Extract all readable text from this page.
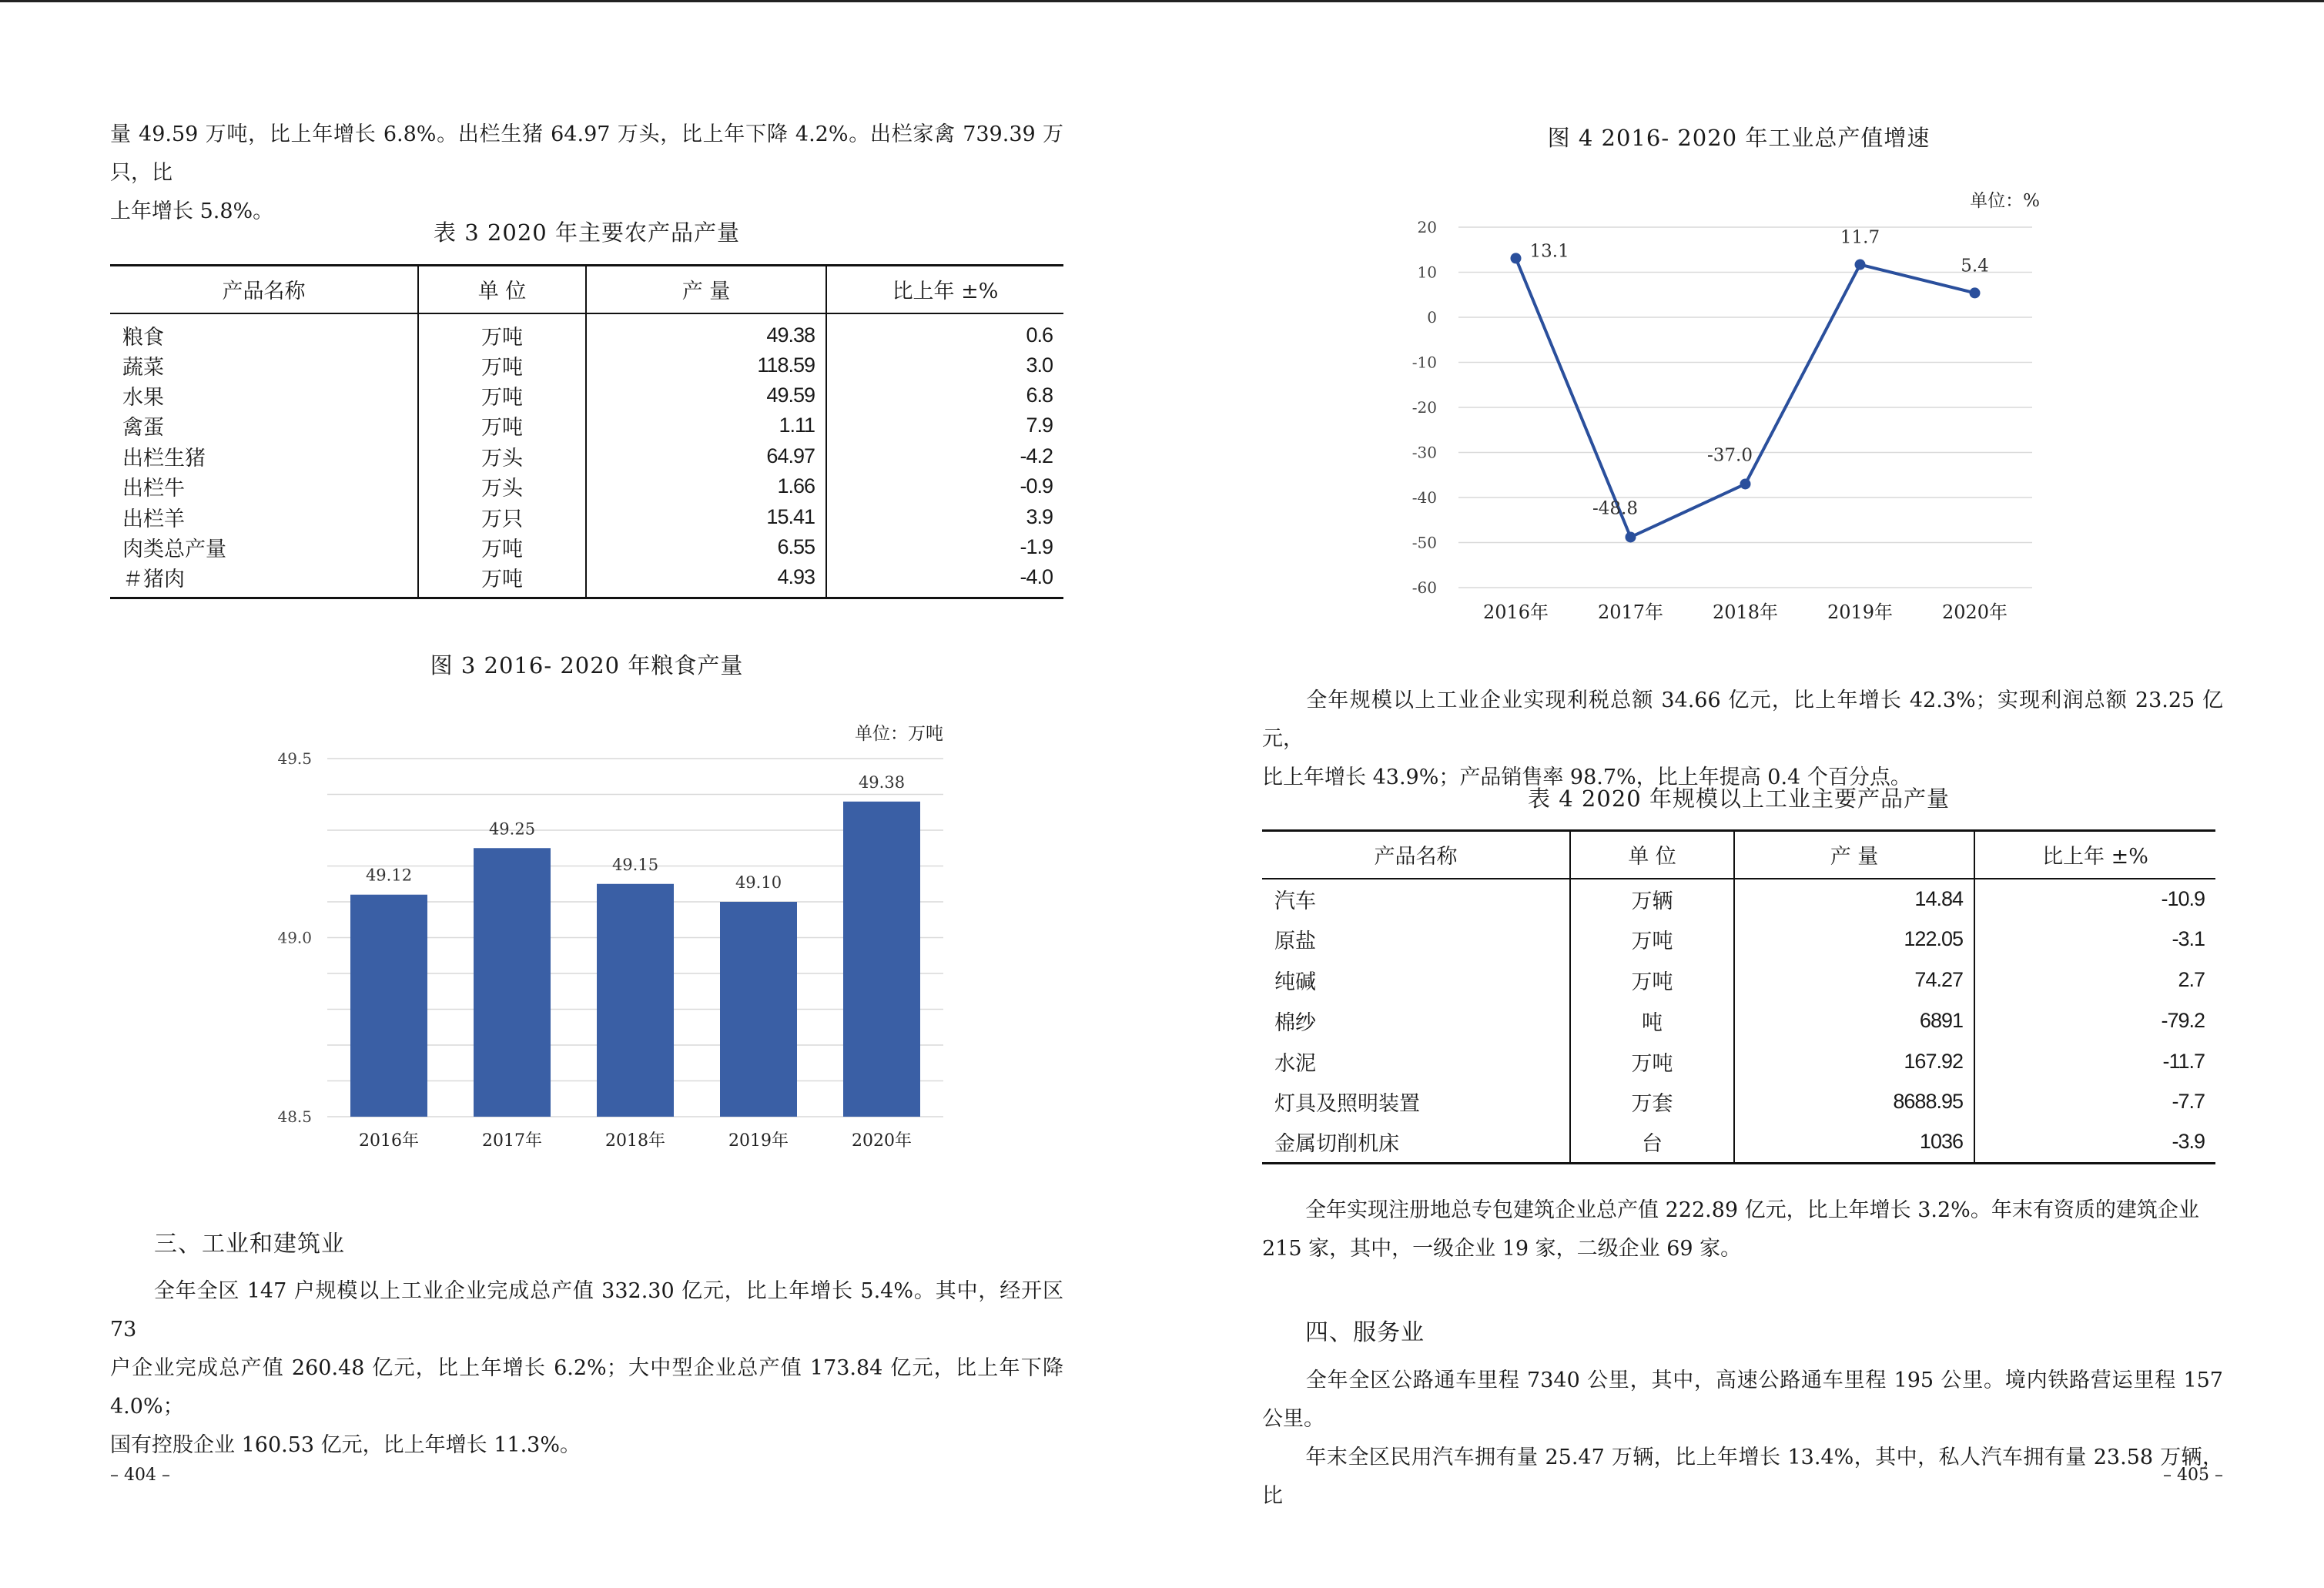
量 49.59 万吨，比上年增长 6.8%。出栏生猪 64.97 万头，比上年下降 4.2%。出栏家禽 739.39 万只，比
上年增长 5.8%。
表 3 2020 年主要农产品产量
产品名称	单 位	产 量	比上年 ±%
粮食	万吨	49.38	0.6
蔬菜	万吨	118.59	3.0
水果	万吨	49.59	6.8
禽蛋	万吨	1.11	7.9
出栏生猪	万头	64.97	-4.2
出栏牛	万头	1.66	-0.9
出栏羊	万只	15.41	3.9
肉类总产量	万吨	6.55	-1.9
＃猪肉	万吨	4.93	-4.0
图 3 2016- 2020 年粮食产量
48.5
49.0
49.5
单位：万吨
49.12
2016年
49.25
2017年
49.15
2018年
49.10
2019年
49.38
2020年
三、工业和建筑业
全年全区 147 户规模以上工业企业完成总产值 332.30 亿元，比上年增长 5.4%。其中，经开区 73
户企业完成总产值 260.48 亿元，比上年增长 6.2%；大中型企业总产值 173.84 亿元，比上年下降 4.0%；
国有控股企业 160.53 亿元，比上年增长 11.3%。
– 404 –
图 4 2016- 2020 年工业总产值增速
20
10
0
-10
-20
-30
-40
-50
-60
单位：%
13.1
2016年
-48.8
2017年
-37.0
2018年
11.7
2019年
5.4
2020年
全年规模以上工业企业实现利税总额 34.66 亿元，比上年增长 42.3%；实现利润总额 23.25 亿元，
比上年增长 43.9%；产品销售率 98.7%，比上年提高 0.4 个百分点。
表 4 2020 年规模以上工业主要产品产量
产品名称	单 位	产 量	比上年 ±%
汽车	万辆	14.84	-10.9
原盐	万吨	122.05	-3.1
纯碱	万吨	74.27	2.7
棉纱	吨	6891	-79.2
水泥	万吨	167.92	-11.7
灯具及照明装置	万套	8688.95	-7.7
金属切削机床	台	1036	-3.9
全年实现注册地总专包建筑企业总产值 222.89 亿元，比上年增长 3.2%。年末有资质的建筑企业
215 家，其中，一级企业 19 家，二级企业 69 家。
四、服务业
全年全区公路通车里程 7340 公里，其中，高速公路通车里程 195 公里。境内铁路营运里程 157 公里。
年末全区民用汽车拥有量 25.47 万辆，比上年增长 13.4%，其中，私人汽车拥有量 23.58 万辆，比
– 405 –
